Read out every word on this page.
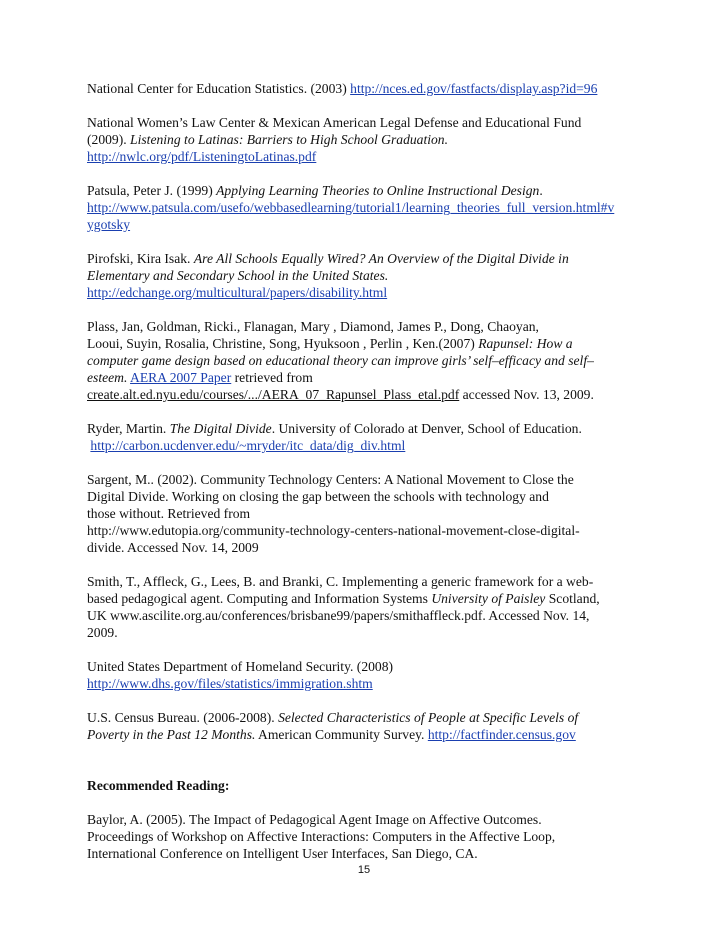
National Center for Education Statistics. (2003) http://nces.ed.gov/fastfacts/display.asp?id=96

National Women’s Law Center & Mexican American Legal Defense and Educational Fund
(2009). Listening to Latinas: Barriers to High School Graduation.
http://nwlc.org/pdf/ListeningtoLatinas.pdf

Patsula, Peter J. (1999) Applying Learning Theories to Online Instructional Design.
http://www.patsula.com/usefo/webbasedlearning/tutorial1/learning_theories_full_version.html#v
ygotsky

Pirofski, Kira Isak. Are All Schools Equally Wired? An Overview of the Digital Divide in
Elementary and Secondary School in the United States.
http://edchange.org/multicultural/papers/disability.html

Plass, Jan, Goldman, Ricki., Flanagan, Mary , Diamond, James P., Dong, Chaoyan,
Looui, Suyin, Rosalia, Christine, Song, Hyuksoon , Perlin , Ken.(2007) Rapunsel: How a
computer game design based on educational theory can improve girls’ self–efficacy and self–
esteem. AERA 2007 Paper retrieved from
create.alt.ed.nyu.edu/courses/.../AERA_07_Rapunsel_Plass_etal.pdf accessed Nov. 13, 2009.

Ryder, Martin. The Digital Divide. University of Colorado at Denver, School of Education.
http://carbon.ucdenver.edu/~mryder/itc_data/dig_div.html

Sargent, M.. (2002). Community Technology Centers: A National Movement to Close the
Digital Divide. Working on closing the gap between the schools with technology and
those without. Retrieved from
http://www.edutopia.org/community-technology-centers-national-movement-close-digital-
divide. Accessed Nov. 14, 2009

Smith, T., Affleck, G., Lees, B. and Branki, C. Implementing a generic framework for a web-
based pedagogical agent. Computing and Information Systems University of Paisley Scotland,
UK www.ascilite.org.au/conferences/brisbane99/papers/smithaffleck.pdf. Accessed Nov. 14,
2009.

United States Department of Homeland Security. (2008)
http://www.dhs.gov/files/statistics/immigration.shtm

U.S. Census Bureau. (2006-2008). Selected Characteristics of People at Specific Levels of
Poverty in the Past 12 Months. American Community Survey. http://factfinder.census.gov

Recommended Reading:

Baylor, A. (2005). The Impact of Pedagogical Agent Image on Affective Outcomes.
Proceedings of Workshop on Affective Interactions: Computers in the Affective Loop,
International Conference on Intelligent User Interfaces, San Diego, CA.

15
